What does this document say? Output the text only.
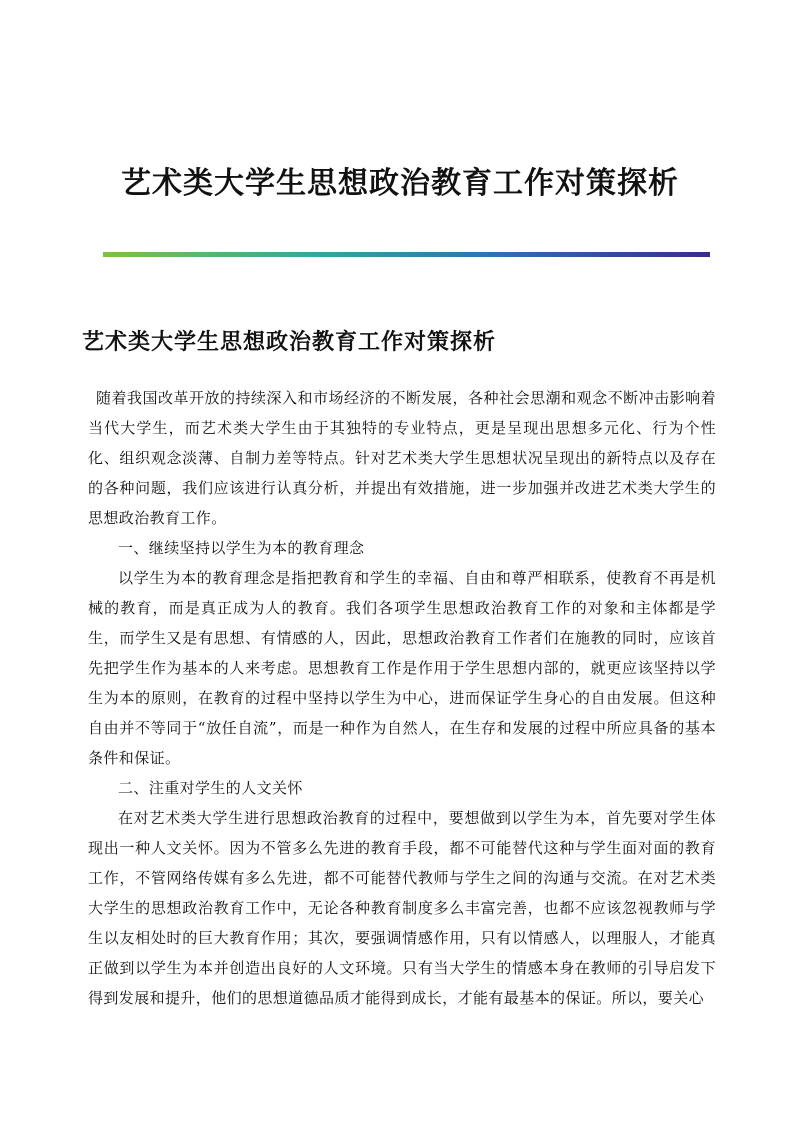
艺术类大学生思想政治教育工作对策探析
艺术类大学生思想政治教育工作对策探析

随着我国改革开放的持续深入和市场经济的不断发展，各种社会思潮和观念不断冲击影响着当代大学生，而艺术类大学生由于其独特的专业特点，更是呈现出思想多元化、行为个性化、组织观念淡薄、自制力差等特点。针对艺术类大学生思想状况呈现出的新特点以及存在的各种问题，我们应该进行认真分析，并提出有效措施，进一步加强并改进艺术类大学生的思想政治教育工作。

一、继续坚持以学生为本的教育理念

以学生为本的教育理念是指把教育和学生的幸福、自由和尊严相联系，使教育不再是机械的教育，而是真正成为人的教育。我们各项学生思想政治教育工作的对象和主体都是学生，而学生又是有思想、有情感的人，因此，思想政治教育工作者们在施教的同时，应该首先把学生作为基本的人来考虑。思想教育工作是作用于学生思想内部的，就更应该坚持以学生为本的原则，在教育的过程中坚持以学生为中心，进而保证学生身心的自由发展。但这种自由并不等同于“放任自流”，而是一种作为自然人，在生存和发展的过程中所应具备的基本条件和保证。

二、注重对学生的人文关怀

在对艺术类大学生进行思想政治教育的过程中，要想做到以学生为本，首先要对学生体现出一种人文关怀。因为不管多么先进的教育手段，都不可能替代这种与学生面对面的教育工作，不管网络传媒有多么先进，都不可能替代教师与学生之间的沟通与交流。在对艺术类大学生的思想政治教育工作中，无论各种教育制度多么丰富完善，也都不应该忽视教师与学生以友相处时的巨大教育作用；其次，要强调情感作用，只有以情感人，以理服人，才能真正做到以学生为本并创造出良好的人文环境。只有当大学生的情感本身在教师的引导启发下得到发展和提升，他们的思想道德品质才能得到成长，才能有最基本的保证。所以，要关心
